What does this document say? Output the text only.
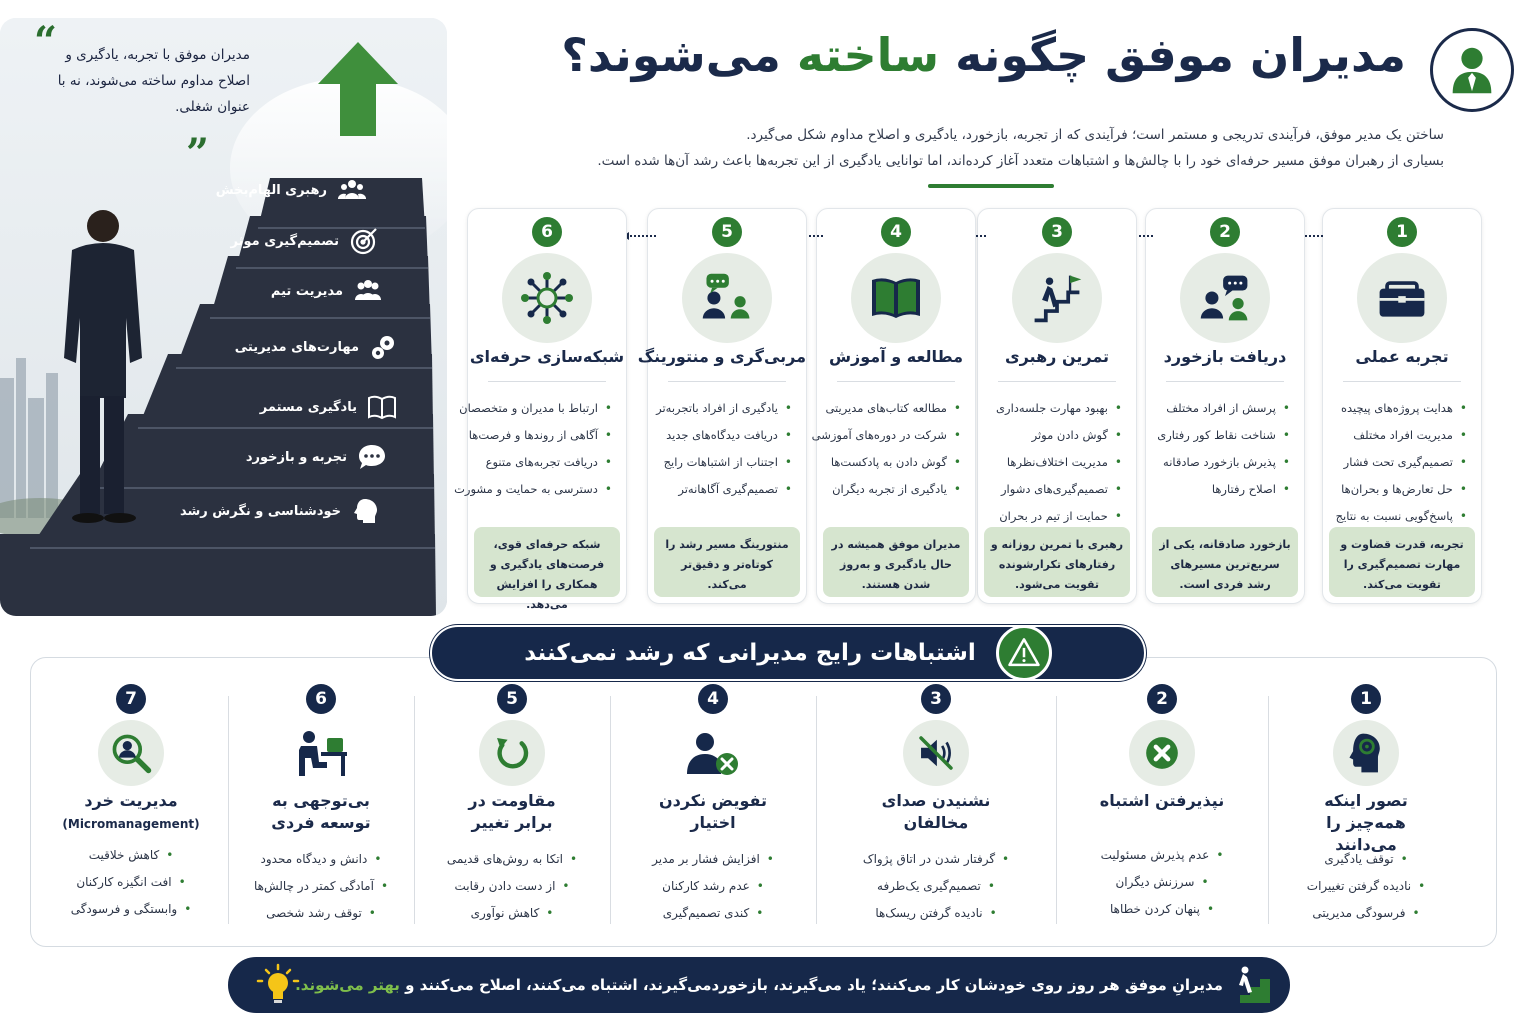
“ مدیران موفق با تجربه، یادگیری و اصلاح مداوم ساخته می‌شوند، نه با عنوان شغلی.
”
رهبری الهام‌بخش
تصمیم‌گیری موثر
مدیریت تیم
مهارت‌های مدیریتی
یادگیری مستمر
تجربه و بازخورد
خودشناسی و نگرش رشد
مدیران موفق چگونه ساخته می‌شوند؟
ساختن یک مدیر موفق، فرآیندی تدریجی و مستمر است؛ فرآیندی که از تجربه، بازخورد، یادگیری و اصلاح مداوم شکل می‌گیرد.
بسیاری از رهبران موفق مسیر حرفه‌ای خود را با چالش‌ها و اشتباهات متعدد آغاز کرده‌اند، اما توانایی یادگیری از این تجربه‌ها باعث رشد آن‌ها شده است.
1
تجربه عملی
• هدایت پروژه‌های پیچیده
• مدیریت افراد مختلف
• تصمیم‌گیری تحت فشار
• حل تعارض‌ها و بحران‌ها
• پاسخ‌گویی نسبت به نتایج
تجربه، قدرت قضاوت و مهارت تصمیم‌گیری را تقویت می‌کند.
2
دریافت بازخورد
• پرسش از افراد مختلف
• شناخت نقاط کور رفتاری
• پذیرش بازخورد صادقانه
• اصلاح رفتارها
بازخورد صادقانه، یکی از سریع‌ترین مسیرهای رشد فردی است.
3
تمرین رهبری
• بهبود مهارت جلسه‌داری
• گوش دادن موثر
• مدیریت اختلاف‌نظرها
• تصمیم‌گیری‌های دشوار
• حمایت از تیم در بحران
رهبری با تمرین روزانه و رفتارهای تکرارشونده تقویت می‌شود.
4
مطالعه و آموزش
• مطالعه کتاب‌های مدیریتی
• شرکت در دوره‌های آموزشی
• گوش دادن به پادکست‌ها
• یادگیری از تجربه دیگران
مدیران موفق همیشه در حال یادگیری و به‌روز شدن هستند.
5
مربی‌گری و منتورینگ
• یادگیری از افراد باتجربه‌تر
• دریافت دیدگاه‌های جدید
• اجتناب از اشتباهات رایج
• تصمیم‌گیری آگاهانه‌تر
منتورینگ مسیر رشد را کوتاه‌تر و دقیق‌تر می‌کند.
6
شبکه‌سازی حرفه‌ای
• ارتباط با مدیران و متخصصان
• آگاهی از روندها و فرصت‌ها
• دریافت تجربه‌های متنوع
• دسترسی به حمایت و مشورت
شبکه حرفه‌ای قوی، فرصت‌های یادگیری و همکاری را افزایش می‌دهد.
اشتباهات رایج مدیرانی که رشد نمی‌کنند
1
تصور اینکه همه‌چیز را می‌دانند
• توقف یادگیری
• نادیده گرفتن تغییرات
• فرسودگی مدیریتی
2
نپذیرفتن اشتباه
• عدم پذیرش مسئولیت
• سرزنش دیگران
• پنهان کردن خطاها
3
نشنیدن صدای مخالفان
• گرفتار شدن در اتاق پژواک
• تصمیم‌گیری یک‌طرفه
• نادیده گرفتن ریسک‌ها
4
تفویض نکردن اختیار
• افزایش فشار بر مدیر
• عدم رشد کارکنان
• کندی تصمیم‌گیری
5
مقاومت در برابر تغییر
• اتکا به روش‌های قدیمی
• از دست دادن رقابت
• کاهش نوآوری
6
بی‌توجهی به توسعه فردی
• دانش و دیدگاه محدود
• آمادگی کمتر در چالش‌ها
• توقف رشد شخصی
7
مدیریت خرد
(Micromanagement)
• کاهش خلاقیت
• افت انگیزه کارکنان
• وابستگی و فرسودگی
مدیرانِ موفق هر روز روی خودشان کار می‌کنند؛ یاد می‌گیرند، بازخوردمی‌گیرند، اشتباه می‌کنند، اصلاح می‌کنند و بهتر می‌شوند.
